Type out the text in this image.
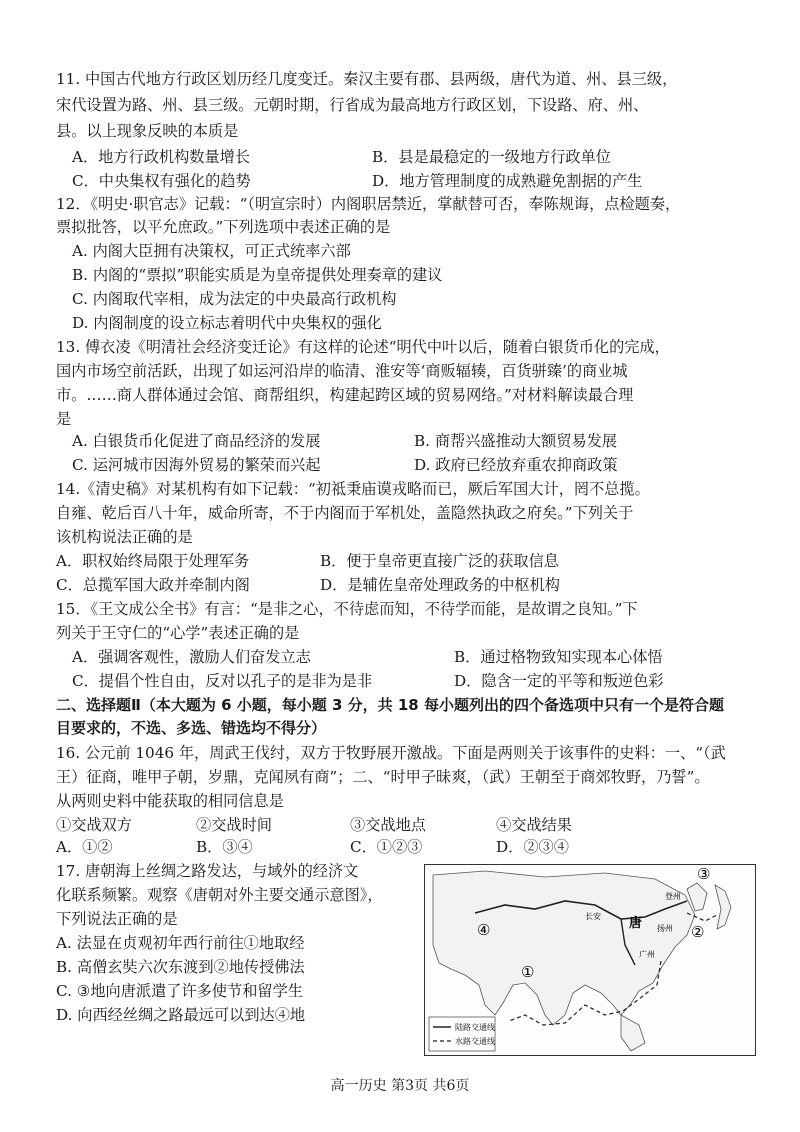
11. 中国古代地方行政区划历经几度变迁。秦汉主要有郡、县两级，唐代为道、州、县三级，
宋代设置为路、州、县三级。元朝时期，行省成为最高地方行政区划，下设路、府、州、
县。以上现象反映的本质是
A．地方行政机构数量增长	B．县是最稳定的一级地方行政单位
C．中央集权有强化的趋势	D．地方管理制度的成熟避免割据的产生
12．《明史·职官志》记载：“（明宣宗时）内阁职居禁近，掌献替可否，奉陈规诲，点检题奏，
票拟批答，以平允庶政。”下列选项中表述正确的是
A. 内阁大臣拥有决策权，可正式统率六部
B. 内阁的“票拟”职能实质是为皇帝提供处理奏章的建议
C. 内阁取代宰相，成为法定的中央最高行政机构
D. 内阁制度的设立标志着明代中央集权的强化
13. 傅衣凌《明清社会经济变迁论》有这样的论述“明代中叶以后，随着白银货币化的完成，
国内市场空前活跃，出现了如运河沿岸的临清、淮安等‘商贩辐辏，百货骈臻’的商业城
市。……商人群体通过会馆、商帮组织，构建起跨区域的贸易网络。”对材料解读最合理
是
A. 白银货币化促进了商品经济的发展	B. 商帮兴盛推动大额贸易发展
C. 运河城市因海外贸易的繁荣而兴起	D. 政府已经放弃重农抑商政策
14.《清史稿》对某机构有如下记载：“初祗秉庙谟戎略而已，厥后军国大计，罔不总揽。
自雍、乾后百八十年，威命所寄，不于内阁而于军机处，盖隐然执政之府矣。”下列关于
该机构说法正确的是
A．职权始终局限于处理军务	B．便于皇帝更直接广泛的获取信息
C．总揽军国大政并牵制内阁	D．是辅佐皇帝处理政务的中枢机构
15．《王文成公全书》有言：“是非之心，不待虑而知，不待学而能，是故谓之良知。”下
列关于王守仁的“心学”表述正确的是
A．强调客观性，激励人们奋发立志	B．通过格物致知实现本心体悟
C．提倡个性自由，反对以孔子的是非为是非	D．隐含一定的平等和叛逆色彩
二、选择题Ⅱ（本大题为 6 小题，每小题 3 分，共 18 每小题列出的四个备选项中只有一个是符合题
目要求的，不选、多选、错选均不得分）
16. 公元前 1046 年，周武王伐纣，双方于牧野展开激战。下面是两则关于该事件的史料：一、“（武
王）征商，唯甲子朝，岁鼎，克闻夙有商”；二、“时甲子昧爽，（武）王朝至于商郊牧野，乃誓”。
从两则史料中能获取的相同信息是
①交战双方	②交战时间	③交战地点	④交战结果
A．①②	B．③④	C．①②③	D．②③④
17. 唐朝海上丝绸之路发达，与域外的经济文
化联系频繁。观察《唐朝对外主要交通示意图》，
下列说法正确的是
A. 法显在贞观初年西行前往①地取经
B. 高僧玄奘六次东渡到②地传授佛法
C. ③地向唐派遣了许多使节和留学生
D. 向西经丝绸之路最远可以到达④地
④
①
②
③
唐
长安
扬州
登州
广州
陆路交通线
水路交通线
高一历史 第3页 共6页
